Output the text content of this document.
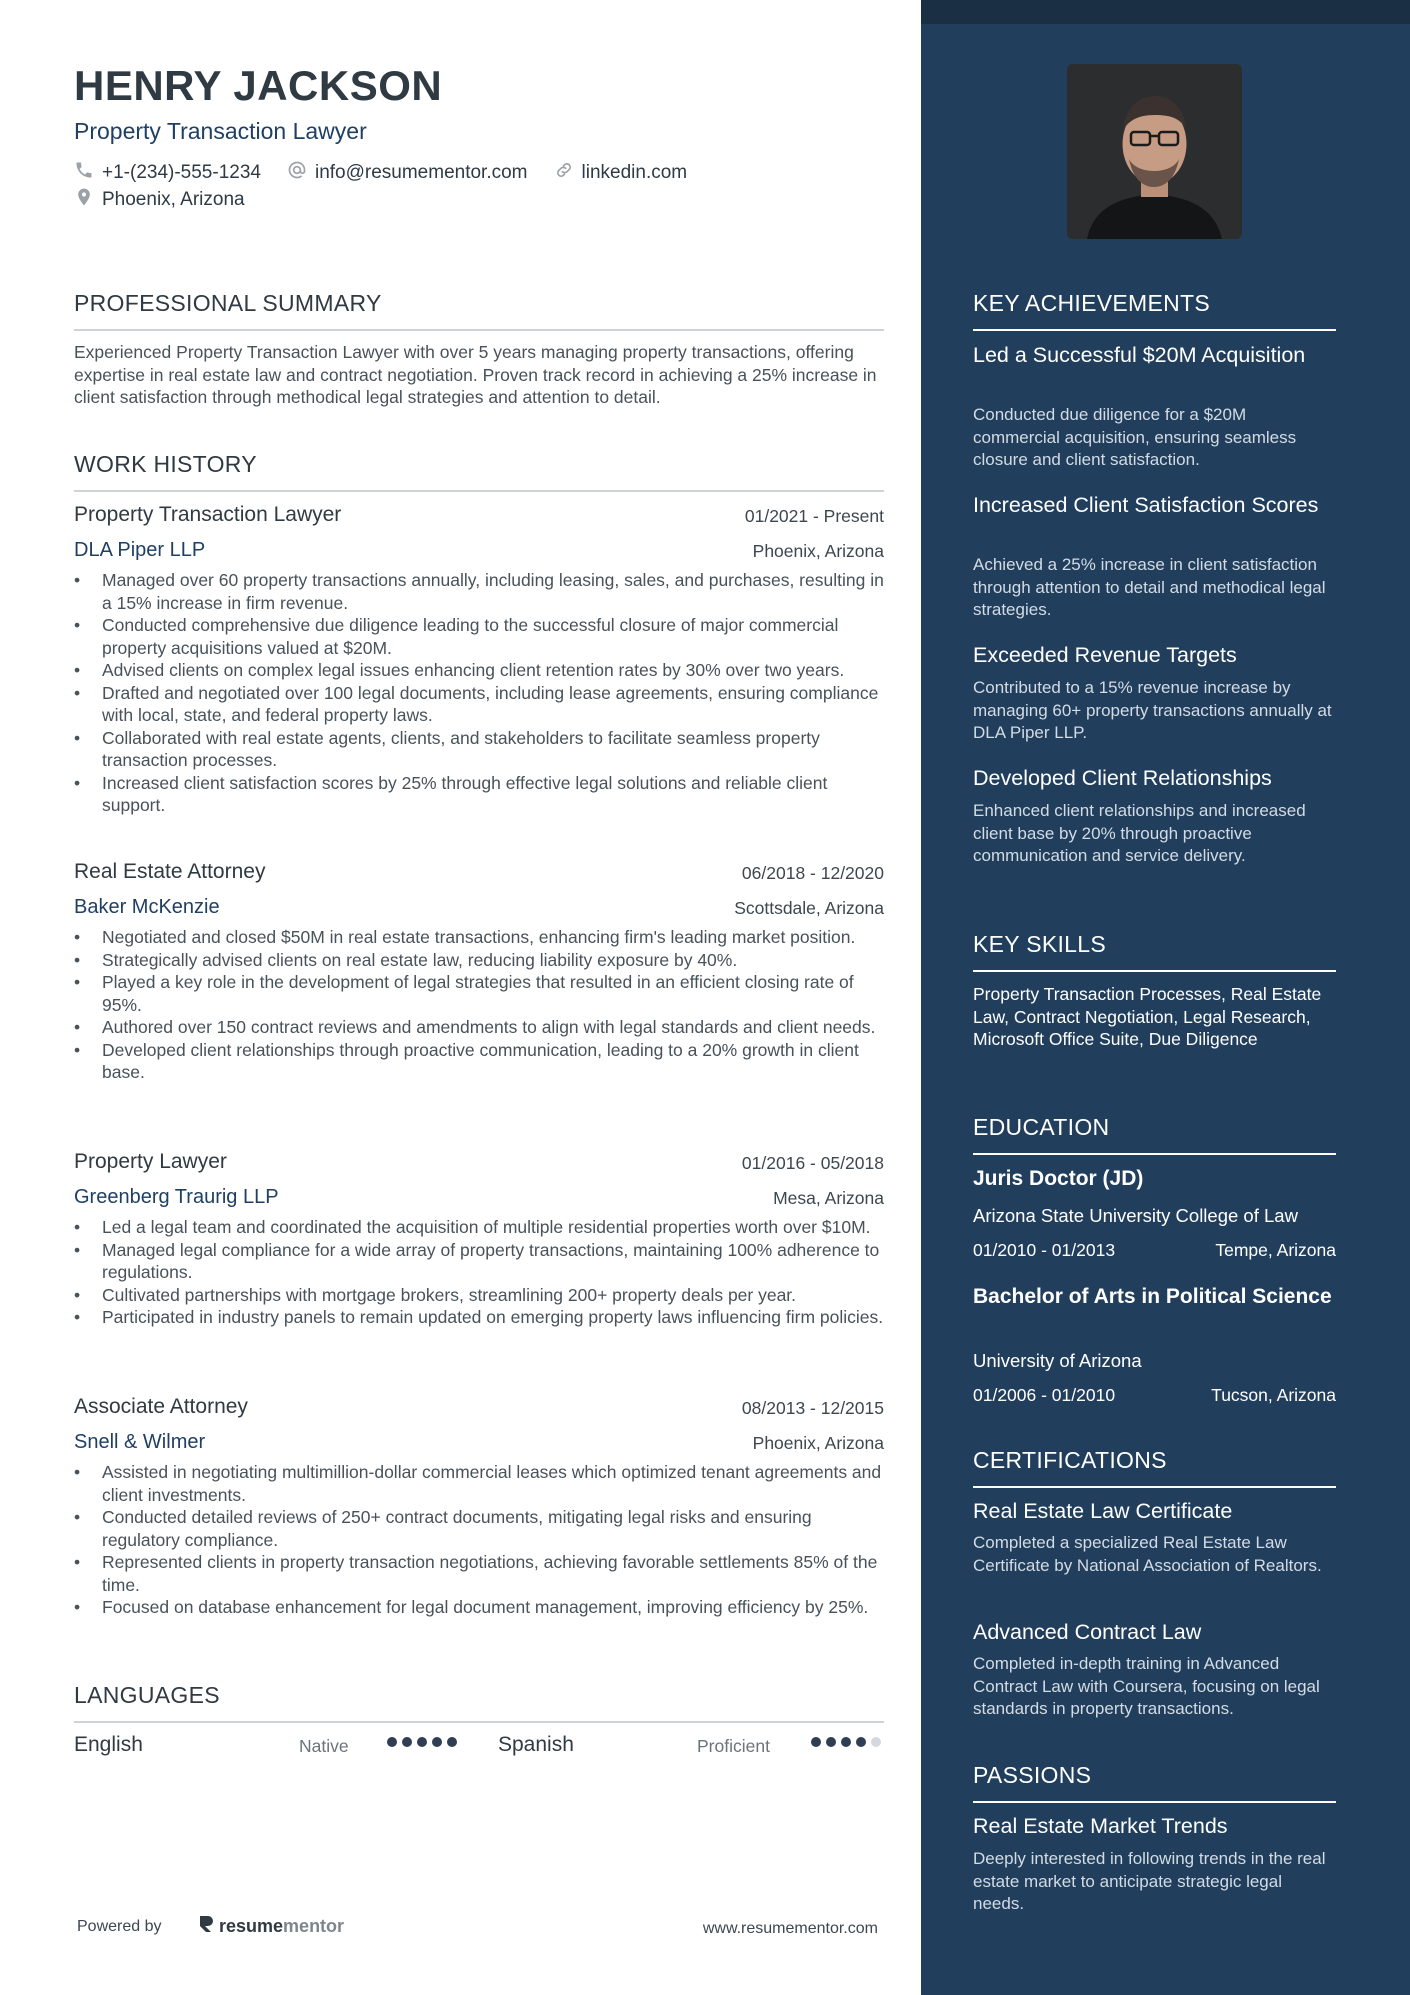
HENRY JACKSON
Property Transaction Lawyer
+1-(234)-555-1234	info@resumementor.com	linkedin.com
Phoenix, Arizona
PROFESSIONAL SUMMARY
Experienced Property Transaction Lawyer with over 5 years managing property transactions, offering expertise in real estate law and contract negotiation. Proven track record in achieving a 25% increase in client satisfaction through methodical legal strategies and attention to detail.
WORK HISTORY
Property Transaction Lawyer	01/2021 - Present
DLA Piper LLP	Phoenix, Arizona
• Managed over 60 property transactions annually, including leasing, sales, and purchases, resulting in a 15% increase in firm revenue.
• Conducted comprehensive due diligence leading to the successful closure of major commercial property acquisitions valued at $20M.
• Advised clients on complex legal issues enhancing client retention rates by 30% over two years.
• Drafted and negotiated over 100 legal documents, including lease agreements, ensuring compliance with local, state, and federal property laws.
• Collaborated with real estate agents, clients, and stakeholders to facilitate seamless property transaction processes.
• Increased client satisfaction scores by 25% through effective legal solutions and reliable client support.
Real Estate Attorney	06/2018 - 12/2020
Baker McKenzie	Scottsdale, Arizona
• Negotiated and closed $50M in real estate transactions, enhancing firm's leading market position.
• Strategically advised clients on real estate law, reducing liability exposure by 40%.
• Played a key role in the development of legal strategies that resulted in an efficient closing rate of 95%.
• Authored over 150 contract reviews and amendments to align with legal standards and client needs.
• Developed client relationships through proactive communication, leading to a 20% growth in client base.
Property Lawyer	01/2016 - 05/2018
Greenberg Traurig LLP	Mesa, Arizona
• Led a legal team and coordinated the acquisition of multiple residential properties worth over $10M.
• Managed legal compliance for a wide array of property transactions, maintaining 100% adherence to regulations.
• Cultivated partnerships with mortgage brokers, streamlining 200+ property deals per year.
• Participated in industry panels to remain updated on emerging property laws influencing firm policies.
Associate Attorney	08/2013 - 12/2015
Snell & Wilmer	Phoenix, Arizona
• Assisted in negotiating multimillion-dollar commercial leases which optimized tenant agreements and client investments.
• Conducted detailed reviews of 250+ contract documents, mitigating legal risks and ensuring regulatory compliance.
• Represented clients in property transaction negotiations, achieving favorable settlements 85% of the time.
• Focused on database enhancement for legal document management, improving efficiency by 25%.
LANGUAGES
English	Native	Spanish	Proficient
Powered by	resume mentor	www.resumementor.com
KEY ACHIEVEMENTS
Led a Successful $20M Acquisition
Conducted due diligence for a $20M commercial acquisition, ensuring seamless closure and client satisfaction.
Increased Client Satisfaction Scores
Achieved a 25% increase in client satisfaction through attention to detail and methodical legal strategies.
Exceeded Revenue Targets
Contributed to a 15% revenue increase by managing 60+ property transactions annually at DLA Piper LLP.
Developed Client Relationships
Enhanced client relationships and increased client base by 20% through proactive communication and service delivery.
KEY SKILLS
Property Transaction Processes, Real Estate Law, Contract Negotiation, Legal Research, Microsoft Office Suite, Due Diligence
EDUCATION
Juris Doctor (JD)
Arizona State University College of Law
01/2010 - 01/2013	Tempe, Arizona
Bachelor of Arts in Political Science
University of Arizona
01/2006 - 01/2010	Tucson, Arizona
CERTIFICATIONS
Real Estate Law Certificate
Completed a specialized Real Estate Law Certificate by National Association of Realtors.
Advanced Contract Law
Completed in-depth training in Advanced Contract Law with Coursera, focusing on legal standards in property transactions.
PASSIONS
Real Estate Market Trends
Deeply interested in following trends in the real estate market to anticipate strategic legal needs.
